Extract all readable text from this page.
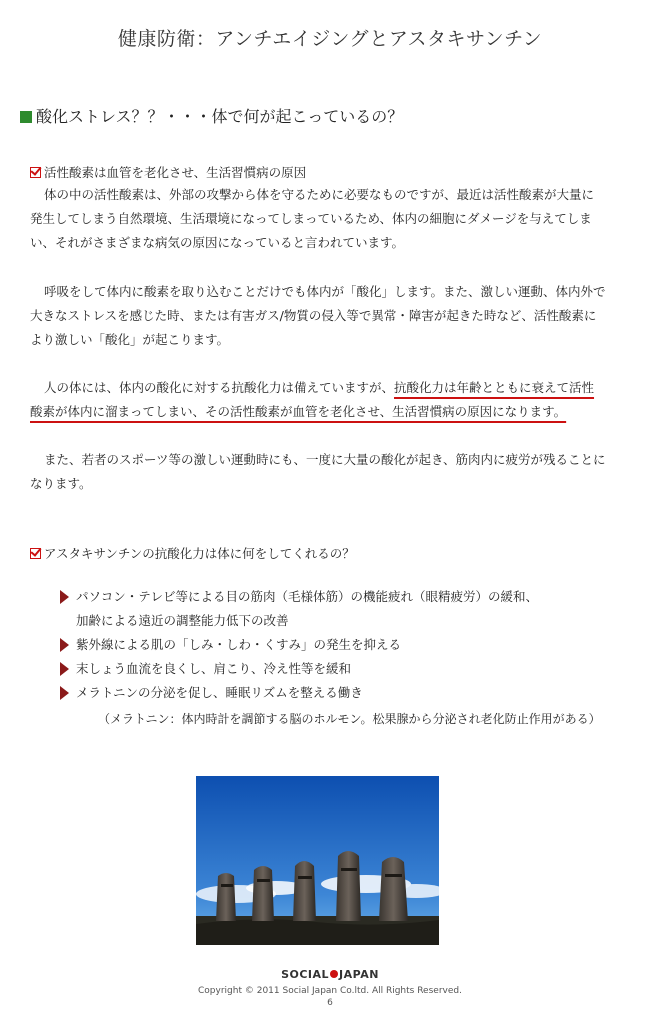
健康防衛：アンチエイジングとアスタキサンチン
酸化ストレス？？・・・体で何が起こっているの？
活性酸素は血管を老化させ、生活習慣病の原因
体の中の活性酸素は、外部の攻撃から体を守るために必要なものですが、最近は活性酸素が大量に発生してしまう自然環境、生活環境になってしまっているため、体内の細胞にダメージを与えてしまい、それがさまざまな病気の原因になっていると言われています。
呼吸をして体内に酸素を取り込むことだけでも体内が「酸化」します。また、激しい運動、体内外で大きなストレスを感じた時、または有害ガス/物質の侵入等で異常・障害が起きた時など、活性酸素により激しい「酸化」が起こります。
人の体には、体内の酸化に対する抗酸化力は備えていますが、抗酸化力は年齢とともに衰えて活性酸素が体内に溜まってしまい、その活性酸素が血管を老化させ、生活習慣病の原因になります。
また、若者のスポーツ等の激しい運動時にも、一度に大量の酸化が起き、筋肉内に疲労が残ることになります。
アスタキサンチンの抗酸化力は体に何をしてくれるの？
パソコン・テレビ等による目の筋肉（毛様体筋）の機能疲れ（眼精疲労）の緩和、
加齢による遠近の調整能力低下の改善
紫外線による肌の「しみ・しわ・くすみ」の発生を抑える
末しょう血流を良くし、肩こり、冷え性等を緩和
メラトニンの分泌を促し、睡眠リズムを整える働き
（メラトニン：体内時計を調節する脳のホルモン。松果腺から分泌され老化防止作用がある）
SOCIAL JAPAN
Copyright © 2011 Social Japan Co.ltd. All Rights Reserved.
6
